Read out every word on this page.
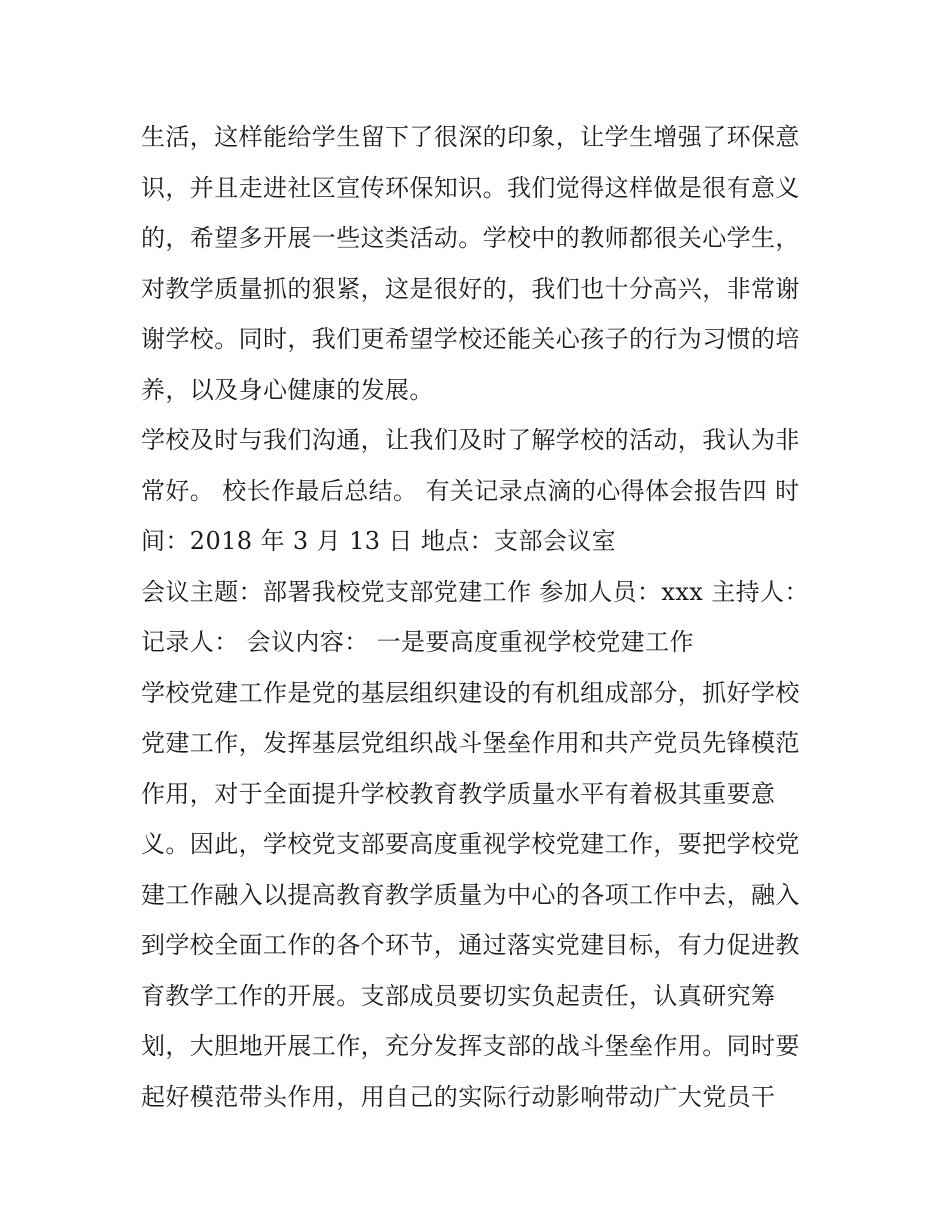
生活，这样能给学生留下了很深的印象，让学生增强了环保意
识，并且走进社区宣传环保知识。我们觉得这样做是很有意义
的，希望多开展一些这类活动。学校中的教师都很关心学生，
对教学质量抓的狠紧，这是很好的，我们也十分高兴，非常谢
谢学校。同时，我们更希望学校还能关心孩子的行为习惯的培
养，以及身心健康的发展。
学校及时与我们沟通，让我们及时了解学校的活动，我认为非
常好。 校长作最后总结。 有关记录点滴的心得体会报告四 时
间：2018 年 3 月 13 日 地点：支部会议室
会议主题：部署我校党支部党建工作 参加人员：xxx 主持人：
记录人： 会议内容： 一是要高度重视学校党建工作
学校党建工作是党的基层组织建设的有机组成部分，抓好学校
党建工作，发挥基层党组织战斗堡垒作用和共产党员先锋模范
作用，对于全面提升学校教育教学质量水平有着极其重要意
义。因此，学校党支部要高度重视学校党建工作，要把学校党
建工作融入以提高教育教学质量为中心的各项工作中去，融入
到学校全面工作的各个环节，通过落实党建目标，有力促进教
育教学工作的开展。支部成员要切实负起责任，认真研究筹
划，大胆地开展工作，充分发挥支部的战斗堡垒作用。同时要
起好模范带头作用，用自己的实际行动影响带动广大党员干
